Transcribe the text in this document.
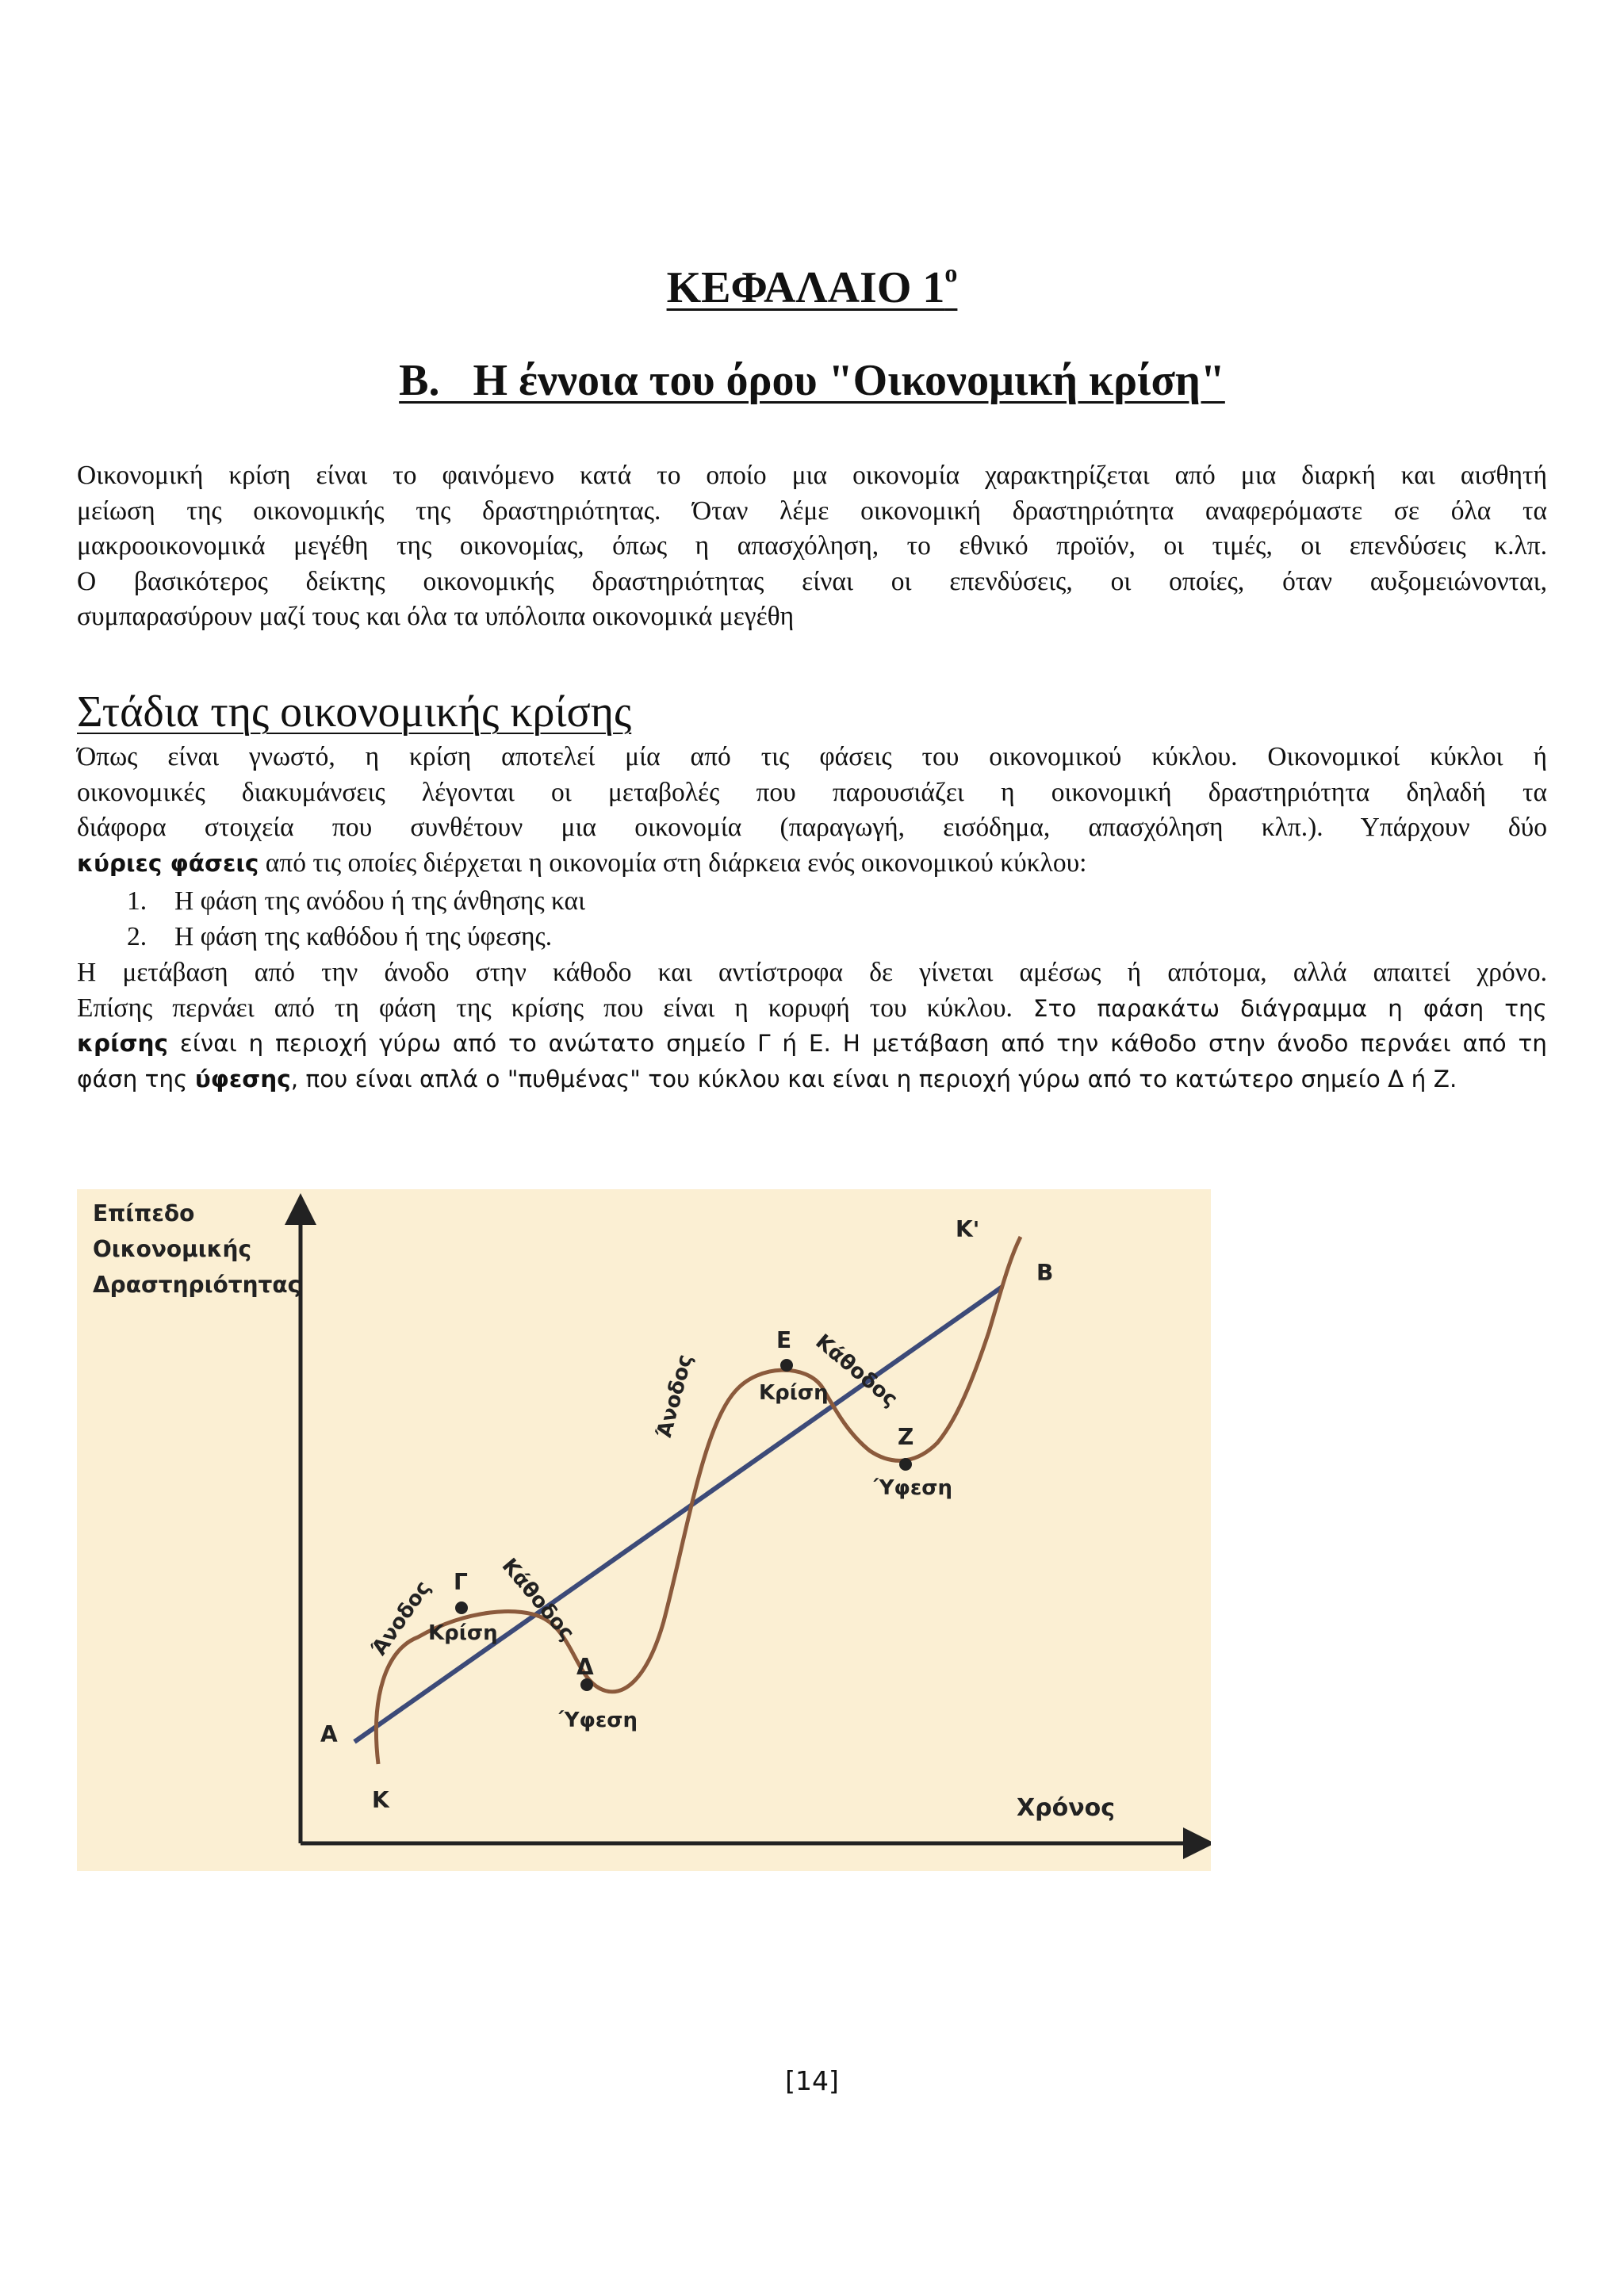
ΚΕΦΑΛΑΙΟ $1^o$
Β.   Η έννοια του όρου "Οικονομική κρίση"

Οικονομική κρίση είναι το φαινόμενο κατά το οποίο μια οικονομία χαρακτηρίζεται από μια διαρκή και αισθητή
μείωση της οικονομικής της δραστηριότητας. Όταν λέμε οικονομική δραστηριότητα αναφερόμαστε σε όλα τα
μακροοικονομικά μεγέθη της οικονομίας, όπως η απασχόληση, το εθνικό προϊόν, οι τιμές, οι επενδύσεις κ.λπ.
Ο βασικότερος δείκτης οικονομικής δραστηριότητας είναι οι επενδύσεις, οι οποίες, όταν αυξομειώνονται,
συμπαρασύρουν μαζί τους και όλα τα υπόλοιπα οικονομικά μεγέθη

Στάδια της οικονομικής κρίσης

Όπως είναι γνωστό, η κρίση αποτελεί μία από τις φάσεις του οικονομικού κύκλου. Οικονομικοί κύκλοι ή
οικονομικές διακυμάνσεις λέγονται οι μεταβολές που παρουσιάζει η οικονομική δραστηριότητα δηλαδή τα
διάφορα στοιχεία που συνθέτουν μια οικονομία (παραγωγή, εισόδημα, απασχόληση κλπ.). Υπάρχουν δύο
κύριες φάσεις από τις οποίες διέρχεται η οικονομία στη διάρκεια ενός οικονομικού κύκλου:

1. Η φάση της ανόδου ή της άνθησης και
2. Η φάση της καθόδου ή της ύφεσης.

Η μετάβαση από την άνοδο στην κάθοδο και αντίστροφα δε γίνεται αμέσως ή απότομα, αλλά απαιτεί χρόνο.
Επίσης περνάει από τη φάση της κρίσης που είναι η κορυφή του κύκλου. Στο παρακάτω διάγραμμα η φάση της
κρίσης είναι η περιοχή γύρω από το ανώτατο σημείο Γ ή Ε. Η μετάβαση από την κάθοδο στην άνοδο περνάει από τη
φάση της ύφεσης, που είναι απλά ο "πυθμένας" του κύκλου και είναι η περιοχή γύρω από το κατώτερο σημείο Δ ή Ζ.

Επίπεδο
Οικονομικής
Δραστηριότητας
Χρόνος
Α
Β
Κ
Κ'
Γ
Δ
Ε
Ζ
Άνοδος
Κρίση
Κάθοδος
Ύφεση
Άνοδος	Κρίση
Κάθοδος
Ύφεση
[14]
